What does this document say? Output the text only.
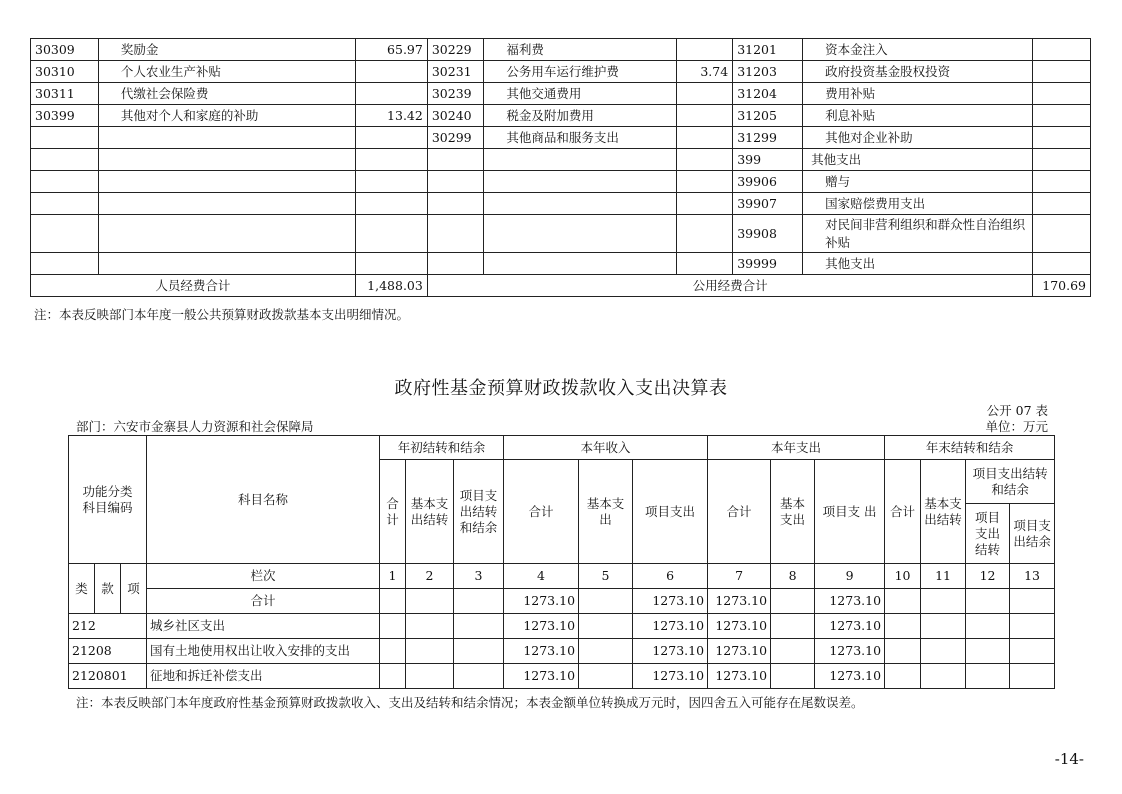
30309	奖励金	65.97	30229	福利费		31201	资本金注入	
30310	个人农业生产补贴		30231	公务用车运行维护费	3.74	31203	政府投资基金股权投资	
30311	代缴社会保险费		30239	其他交通费用		31204	费用补贴	
30399	其他对个人和家庭的补助	13.42	30240	税金及附加费用		31205	利息补贴	
			30299	其他商品和服务支出		31299	其他对企业补助	
						399	其他支出	
						39906	赠与	
						39907	国家赔偿费用支出	
						39908	对民间非营利组织和群众性自治组织补贴	
						39999	其他支出	
人员经费合计		1,488.03	公用经费合计					170.69
注：本表反映部门本年度一般公共预算财政拨款基本支出明细情况。
政府性基金预算财政拨款收入支出决算表
公开 07 表
部门：六安市金寨县人力资源和社会保障局	单位：万元
功能分类科目编码			科目名称	年初结转和结余			本年收入			本年支出			年末结转和结余			
				合计	基本支出结转	项目支出结转和结余	合计	基本支出	项目支出	合计	基本支出	项目支 出	合计	基本支出结转	项目支出结转和结余	
															项目支出结转	项目支出结余
类	款	项	栏次	1	2	3	4	5	6	7	8	9	10	11	12	13
			合计				1273.10		1273.10	1273.10		1273.10				
212			城乡社区支出				1273.10		1273.10	1273.10		1273.10				
21208			国有土地使用权出让收入安排的支出				1273.10		1273.10	1273.10		1273.10				
2120801			征地和拆迁补偿支出				1273.10		1273.10	1273.10		1273.10				
注：本表反映部门本年度政府性基金预算财政拨款收入、支出及结转和结余情况；本表金额单位转换成万元时，因四舍五入可能存在尾数误差。
-14-
